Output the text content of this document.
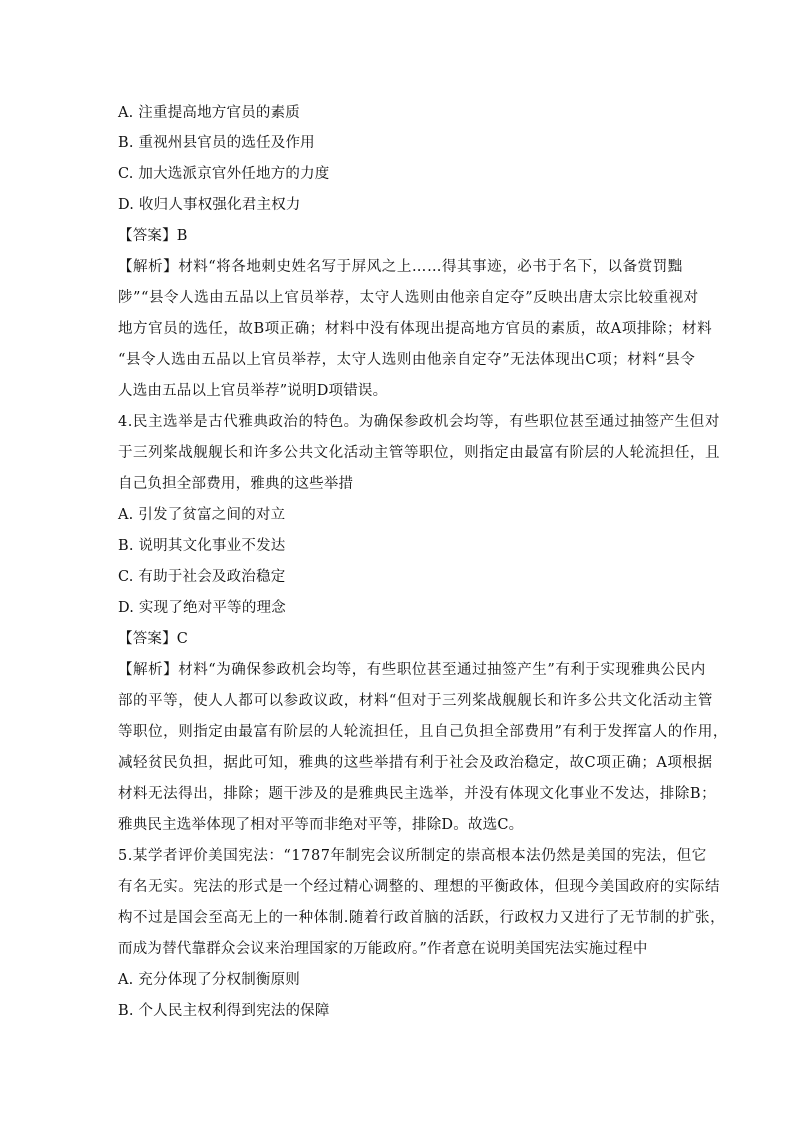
A. 注重提高地方官员的素质
B. 重视州县官员的选任及作用
C. 加大选派京官外任地方的力度
D. 收归人事权强化君主权力
【答案】B
【解析】材料“将各地刺史姓名写于屏风之上……得其事迹，必书于名下，以备赏罚黜
陟”“县令人选由五品以上官员举荐，太守人选则由他亲自定夺”反映出唐太宗比较重视对
地方官员的选任，故B项正确；材料中没有体现出提高地方官员的素质，故A项排除；材料
“县令人选由五品以上官员举荐，太守人选则由他亲自定夺”无法体现出C项；材料“县令
人选由五品以上官员举荐”说明D项错误。
4.民主选举是古代雅典政治的特色。为确保参政机会均等，有些职位甚至通过抽签产生但对
于三列桨战舰舰长和许多公共文化活动主管等职位，则指定由最富有阶层的人轮流担任，且
自己负担全部费用，雅典的这些举措
A. 引发了贫富之间的对立
B. 说明其文化事业不发达
C. 有助于社会及政治稳定
D. 实现了绝对平等的理念
【答案】C
【解析】材料“为确保参政机会均等，有些职位甚至通过抽签产生”有利于实现雅典公民内
部的平等，使人人都可以参政议政，材料“但对于三列桨战舰舰长和许多公共文化活动主管
等职位，则指定由最富有阶层的人轮流担任，且自己负担全部费用”有利于发挥富人的作用，
减轻贫民负担，据此可知，雅典的这些举措有利于社会及政治稳定，故C项正确；A项根据
材料无法得出，排除；题干涉及的是雅典民主选举，并没有体现文化事业不发达，排除B；
雅典民主选举体现了相对平等而非绝对平等，排除D。故选C。
5.某学者评价美国宪法：“1787年制宪会议所制定的崇高根本法仍然是美国的宪法，但它
有名无实。宪法的形式是一个经过精心调整的、理想的平衡政体，但现今美国政府的实际结
构不过是国会至高无上的一种体制.随着行政首脑的活跃，行政权力又进行了无节制的扩张，
而成为替代靠群众会议来治理国家的万能政府。”作者意在说明美国宪法实施过程中
A. 充分体现了分权制衡原则
B. 个人民主权利得到宪法的保障
